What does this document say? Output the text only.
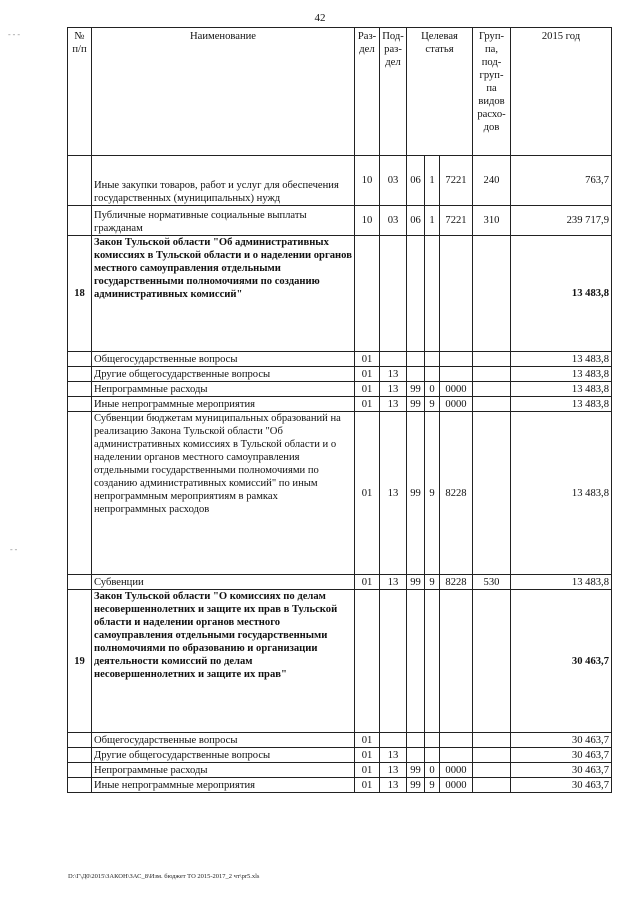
42
‑ ‑ ‑
- ‑
№ п/п	Наименование	Раз- дел	Под- раз- дел	Целевая статья			Груп- па, под- груп- па видов расхо- дов	2015 год
	Иные закупки товаров, работ и услуг для обеспечения государственных (муниципальных) нужд	10	03	06	1	7221	240	763,7
	Публичные нормативные социальные выплаты гражданам	10	03	06	1	7221	310	239 717,9
18	Закон Тульской области "Об административных комиссиях в Тульской области и о наделении органов местного самоуправления отдельными государственными полномочиями по созданию административных комиссий"							13 483,8
	Общегосударственные вопросы	01						13 483,8
	Другие общегосударственные вопросы	01	13					13 483,8
	Непрограммные расходы	01	13	99	0	0000		13 483,8
	Иные непрограммные мероприятия	01	13	99	9	0000		13 483,8
	Субвенции бюджетам муниципальных образований на реализацию Закона Тульской области "Об административных комиссиях в Тульской области и о наделении органов местного самоуправления отдельными государственными полномочиями по созданию административных комиссий" по иным непрограммным мероприятиям в рамках непрограммных расходов	01	13	99	9	8228		13 483,8
	Субвенции	01	13	99	9	8228	530	13 483,8
19	Закон Тульской области "О комиссиях по делам несовершеннолетних и защите их прав в Тульской области и наделении органов местного самоуправления отдельными государственными полномочиями по образованию и организации деятельности комиссий по делам несовершеннолетних и защите их прав"							30 463,7
	Общегосударственные вопросы	01						30 463,7
	Другие общегосударственные вопросы	01	13					30 463,7
	Непрограммные расходы	01	13	99	0	0000		30 463,7
	Иные непрограммные мероприятия	01	13	99	9	0000		30 463,7
D:\Г\Д0\2015\ЗАКОН\ЗАС_8\Изм. бюджет ТО 2015-2017_2 чт\pr5.xls
